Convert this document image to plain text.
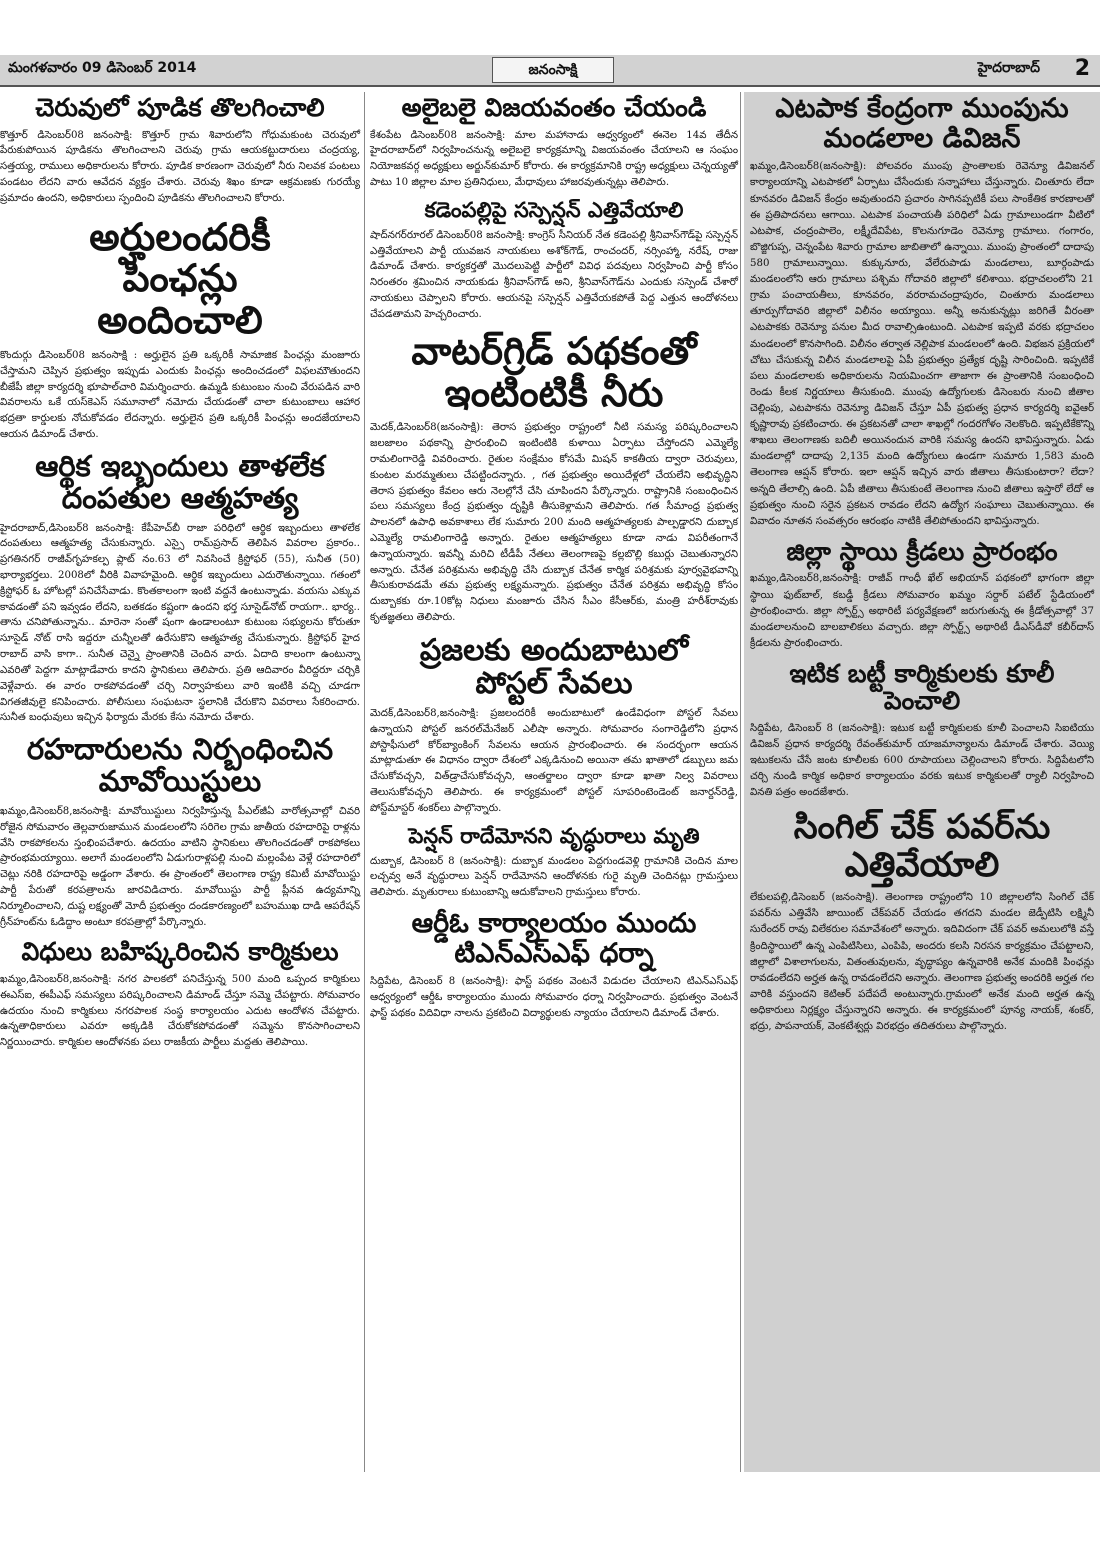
మంగళవారం 09 డిసెంబర్ 2014	జనంసాక్షి	హైదరాబాద్ 2
చెరువులో పూడిక తొలగించాలి
కొత్తూర్ డిసెంబర్08 జనంసాక్షి: కొత్తూర్ గ్రామ శివారులోని గోధుమకుంట చెరువులో పేరుకుపోయిన పూడికను తొలగించాలని చెరువు గ్రామ ఆయకట్టుదారులు చంద్రయ్య, సత్తయ్య, రాములు అధికారులను కోరారు. పూడిక కారణంగా చెరువులో నీరు నిలవక పంటలు పండటం లేదని వారు ఆవేదన వ్యక్తం చేశారు. చెరువు శిఖం కూడా ఆక్రమణకు గురయ్యే ప్రమాదం ఉందని, అధికారులు స్పందించి పూడికను తొలగించాలని కోరారు.
అర్హులందరికీ పింఛన్లు అందించాలి
కొందుర్గు డిసెంబర్08 జనంసాక్షి : అర్హులైన ప్రతి ఒక్కరికీ సామాజిక పింఛన్లు మంజూరు చేస్తామని చెప్పిన ప్రభుత్వం ఇప్పుడు ఎందుకు పింఛన్లు అందించడంలో విఫలమౌతుందని బీజేపీ జిల్లా కార్యదర్శి భూపాల్‌చారి విమర్శించారు. ఉమ్మడి కుటుంబం నుంచి వేరుపడిన వారి వివరాలను ఒకే యస్‌కెఎస్ సమూనాలో నమోదు చేయడంతో చాలా కుటుంబాలు ఆహార భద్రతా కార్డులకు నోచుకోవడం లేదన్నారు. అర్హులైన ప్రతి ఒక్కరికీ పింఛన్లు అందజేయాలని ఆయన డిమాండ్ చేశారు.
ఆర్థిక ఇబ్బందులు తాళలేక దంపతుల ఆత్మహత్య
హైదరాబాద్,డిసెంబర్8 జనంసాక్షి: కేపీహెచ్‌బీ రాజా పరిధిలో ఆర్థిక ఇబ్బందులు తాళలేక దంపతులు ఆత్మహత్య చేసుకున్నారు. ఎస్సై రామ్‌ప్రసాద్ తెలిపిన వివరాల ప్రకారం.. ప్రగతినగర్ రాజీవ్‌గృహకల్ప ప్లాట్ నం.63 లో నివసించే క్రిస్టోఫర్ (55), సునీత (50) భార్యాభర్తలు. 2008లో వీరికి వివాహమైంది. ఆర్థిక ఇబ్బందులు ఎదురౌతున్నాయి. గతంలో క్రిస్టోఫర్ ఓ హోటల్లో పనిచేసేవాడు. కొంతకాలంగా ఇంటి వద్దనే ఉంటున్నాడు. వయసు ఎక్కువ కావడంతో పని ఇవ్వడం లేదని, బతకడం కష్టంగా ఉందని భర్త సూసైడ్‌నోట్ రాయగా.. భార్య.. తాను చనిపోతున్నాను.. మారెనా సంతో షంగా ఉండాలంటూ కుటుంబ సభ్యులను కోరుతూ సూసైడ్ నోట్ రాసి ఇద్దరూ చున్నీలతో ఉరేసుకొని ఆత్మహత్య చేసుకున్నారు. క్రిస్టోఫర్ హైద రాబాద్ వాసి కాగా.. సునీత చెన్నై ప్రాంతానికి చెందిన వారు. ఏదాది కాలంగా ఉంటున్నా ఎవరితో పెద్దగా మాట్లాడేవారు కాదని స్థానికులు తెలిపారు. ప్రతి ఆదివారం వీరిద్దరూ చర్చికి వెళ్లేవారు. ఈ వారం రాకపోవడంతో చర్చి నిర్వాహకులు వారి ఇంటికి వచ్చి చూడగా విగతజీవులై కనిపించారు. పోలీసులు సంఘటనా స్థలానికి చేరుకొని వివరాలు సేకరించారు. సునీత బంధువులు ఇచ్చిన ఫిర్యాదు మేరకు కేసు నమోదు చేశారు.
రహదారులను నిర్బంధించిన మావోయిస్టులు
ఖమ్మం,డిసెంబర్8,జనంసాక్షి: మావోయిస్టులు నిర్వహిస్తున్న పీఎల్‌జీఏ వారోత్సవాల్లో చివరి రోజైన సోమవారం తెల్లవారుజామున మండలంలోని సరిగెల గ్రామ జాతీయ రహదారిపై రాళ్లను వేసి రాకపోకలను స్తంభింపచేశారు. ఉదయం వాటిని స్థానికులు తొలగించడంతో రాకపోకలు ప్రారంభమయ్యాయి. అలాగే మండలంలోని ఏడుగురాళ్లపల్లి నుంచి మల్లంపేట వెళ్లే రహదారిలో చెట్లు నరికి రహదారిపై అడ్డంగా వేశారు. ఈ ప్రాంతంలో తెలంగాణ రాష్ట్ర కమిటీ మావోయిస్టు పార్టీ పేరుతో కరపత్రాలను జారవిడిచారు. మావోయిస్టు పార్టీ ప్లీనవ ఉద్యమాన్ని నిర్మూలించాలని, దుష్ట లక్ష్యంతో మోదీ ప్రభుత్వం దండకారణ్యంలో బహుముఖ దాడి ఆపరేషన్ గ్రీన్‌హంట్‌ను ఓడిద్దాం అంటూ కరపత్రాల్లో పేర్కొన్నారు.
విధులు బహిష్కరించిన కార్మికులు
ఖమ్మం,డిసెంబర్8,జనంసాక్షి: నగర పాలకలో పనిచేస్తున్న 500 మంది ఒప్పంద కార్మికులు ఈఎస్ఐ, ఈపీఎఫ్ సమస్యలు పరిష్కరించాలని డిమాండ్ చేస్తూ సమ్మె చేపట్టారు. సోమవారం ఉదయం నుంచి కార్మికులు నగరపాలక సంస్థ కార్యాలయం ఎదుట ఆందోళన చేపట్టారు. ఉన్నతాధికారులు ఎవరూ అక్కడికి చేరుకోకపోవడంతో సమ్మెను కొనసాగించాలని నిర్ణయించారు. కార్మికుల ఆందోళనకు పలు రాజకీయ పార్టీలు మద్దతు తెలిపాయి.
అలైబలై విజయవంతం చేయండి
కేశంపేట డిసెంబర్08 జనంసాక్షి: మాల మహానాడు ఆధ్వర్యంలో ఈనెల 14వ తేదీన హైదరాబాద్‌లో నిర్వహించనున్న అలైబలై కార్యక్రమాన్ని విజయవంతం చేయాలని ఆ సంఘం నియోజకవర్గ అధ్యక్షులు అర్జున్‌కుమార్ కోరారు. ఈ కార్యక్రమానికి రాష్ట్ర అధ్యక్షులు చెన్నయ్యతో పాటు 10 జిల్లాల మాల ప్రతినిధులు, మేధావులు హాజరవుతున్నట్లు తెలిపారు.
కడెంపల్లిపై సస్పెన్షన్ ఎత్తివేయాలి
షాద్‌నగర్‌రూరల్ డిసెంబర్08 జనంసాక్షి: కాంగ్రెస్ సీనియర్ నేత కడెంపల్లి శ్రీనివాస్‌గౌడ్‌పై సస్పెన్షన్ ఎత్తివేయాలని పార్టీ యువజన నాయకులు అశోక్‌గౌడ్, రాంచందర్, నర్సింహ్మా, నరేష్, రాజు డిమాండ్ చేశారు. కార్యకర్తతో మొదలుపెట్టి పార్టీలో వివిధ పదవులు నిర్వహించి పార్టీ కోసం నిరంతరం శ్రమించిన నాయకుడు శ్రీనివాస్‌గౌడ్ అని, శ్రీనివాస్‌గౌడ్‌ను ఎందుకు సస్పెండ్ చేశారో నాయకులు చెప్పాలని కోరారు. ఆయనపై సస్పెన్షన్ ఎత్తివేయకపోతే పెద్ద ఎత్తున ఆందోళనలు చేపడతామని హెచ్చరించారు.
వాటర్‌గ్రిడ్ పథకంతో ఇంటింటికీ నీరు
మెదక్,డిసెంబర్8(జనంసాక్షి): తెరాస ప్రభుత్వం రాష్ట్రంలో నీటి సమస్య పరిష్కరించాలని జలజాలం పథకాన్ని ప్రారంభించి ఇంటింటికి కుళాయి ఏర్పాటు చేస్తోందని ఎమ్మెల్యే రామలింగారెడ్డి వివరించారు. రైతుల సంక్షేమం కోసమే మిషన్ కాకతీయ ద్వారా చెరువులు, కుంటల మరమ్మతులు చేపట్టిందన్నారు. , గత ప్రభుత్వం అయిదేళ్లలో చేయలేని అభివృద్ధిని తెరాస ప్రభుత్వం కేవలం ఆరు నెలల్లోనే చేసి చూపిందని పేర్కొన్నారు. రాష్ట్రానికి సంబంధించిన పలు సమస్యలు కేంద్ర ప్రభుత్వం దృష్టికి తీసుకెళ్లామని తెలిపారు. గత సీమాంధ్ర ప్రభుత్వ పాలనలో ఉపాధి అవకాశాలు లేక సుమారు 200 మంది ఆత్మహత్యలకు పాల్పడ్డారని దుబ్బాక ఎమ్మెల్యే రామలింగారెడ్డి అన్నారు. రైతుల ఆత్మహత్యలు కూడా నాడు విపరీతంగానే ఉన్నాయన్నారు. ఇవన్నీ మరిచి టీడీపీ నేతలు తెలంగాణపై కల్లబొల్లి కబుర్లు చెబుతున్నారని అన్నారు. చేనేత పరిశ్రమను అభివృద్ధి చేసి దుబ్బాక చేనేత కార్మిక పరిశ్రమకు పూర్వవైభవాన్ని తీసుకురావడమే తమ ప్రభుత్వ లక్ష్యమన్నారు. ప్రభుత్వం చేనేత పరిశ్రమ అభివృద్ధి కోసం దుబ్బాకకు రూ.10కోట్ల నిధులు మంజూరు చేసిన సీఎం కేసీఆర్‌కు, మంత్రి హరీశ్‌రావుకు కృతజ్ఞతలు తెలిపారు.
ప్రజలకు అందుబాటులో పోస్టల్ సేవలు
మెదక్,డిసెంబర్8,జనంసాక్షి: ప్రజలందరికీ అందుబాటులో ఉండేవిధంగా పోస్టల్ సేవలు ఉన్నాయని పోస్టల్ జనరల్‌మేనేజర్ ఎలీషా అన్నారు. సోమవారం సంగారెడ్డిలోని ప్రధాన పోస్టాఫీసులో కోర్‌బ్యాంకింగ్ సేవలను ఆయన ప్రారంభించారు. ఈ సందర్భంగా ఆయన మాట్లాడుతూ ఈ విధానం ద్వారా దేశంలో ఎక్కడినుంచి అయినా తమ ఖాతాలో డబ్బులు జమ చేసుకోవచ్చని, విత్‌డ్రాచేసుకోవచ్చని, ఆంతర్జాలం ద్వారా కూడా ఖాతా నిల్వ వివరాలు తెలుసుకోవచ్చని తెలిపారు. ఈ కార్యక్రమంలో పోస్టల్ సూపరింటెండెంట్ జనార్దన్‌రెడ్డి, పోస్ట్‌మాస్టర్ శంకర్‌లు పాల్గొన్నారు.
పెన్షన్ రాదేమోనని వృద్ధురాలు మృతి
దుబ్బాక, డిసెంబర్ 8 (జనంసాక్షి): దుబ్బాక మండలం పెద్దగుండవెళ్లి గ్రామానికి చెందిన మాల లచ్చవ్వ అనే వృద్ధురాలు పెన్షన్ రాదేమోనని ఆందోళనకు గురై మృతి చెందినట్లు గ్రామస్తులు తెలిపారు. మృతురాలు కుటుంబాన్ని ఆదుకోవాలని గ్రామస్తులు కోరారు.
ఆర్డీఓ కార్యాలయం ముందు టిఎన్ఎస్ఎఫ్ ధర్నా
సిద్దిపేట, డిసెంబర్ 8 (జనంసాక్షి): ఫాస్ట్ పథకం వెంటనే విడుదల చేయాలని టిఎన్ఎస్ఎఫ్ ఆధ్వర్యంలో ఆర్డీఓ కార్యాలయం ముందు సోమవారం ధర్నా నిర్వహించారు. ప్రభుత్వం వెంటనే ఫాస్ట్ పథకం విదివిధా నాలను ప్రకటించి విద్యార్థులకు న్యాయం చేయాలని డిమాండ్ చేశారు.
ఎటపాక కేంద్రంగా ముంపును మండలాల డివిజన్
ఖమ్మం,డిసెంబర్8(జనంసాక్షి): పోలవరం ముంపు ప్రాంతాలకు రెవెన్యూ డివిజనల్ కార్యాలయాన్ని ఎటపాకలో ఏర్పాటు చేసేందుకు సన్నాహాలు చేస్తున్నారు. చింతూరు లేదా కూనవరం డివిజన్ కేంద్రం అవుతుందని ప్రచారం సాగినప్పటికీ పలు సాంకేతిక కారణాలతో ఈ ప్రతిపాదనలు ఆగాయి. ఎటపాక పంచాయతీ పరిధిలో ఏడు గ్రామాలుండగా వీటిలో ఎటపాక, చంద్రంపాలెం, లక్ష్మీదేవిపేట, కొలనుగూడెం రెవెన్యూ గ్రామాలు. గంగారం, బొజ్జిగుప్ప, చెన్నంపేట శివారు గ్రామాల జాబితాలో ఉన్నాయి. ముంపు ప్రాంతంలో దాదాపు 580 గ్రామాలున్నాయి. కుక్కునూరు, వేలేరుపాడు మండలాలు, బూర్గంపాడు మండలంలోని ఆరు గ్రామాలు పశ్చిమ గోదావరి జిల్లాలో కలిశాయి. భద్రాచలంలోని 21 గ్రామ పంచాయతీలు, కూనవరం, వరరామచంద్రాపురం, చింతూరు మండలాలు తూర్పుగోదావరి జిల్లాలో విలీనం అయ్యాయి. అన్నీ అనుకున్నట్లు జరిగితే వీరంతా ఎటపాకకు రెవెన్యూ పనుల మీద రావాల్సిఉంటుంది. ఎటపాక ఇప్పటి వరకు భద్రాచలం మండలంలో కొనసాగింది. విలీనం తర్వాత నెల్లిపాక మండలంలో ఉంది. విభజన ప్రక్రియలో చోటు చేసుకున్న విలీన మండలాలపై ఏపీ ప్రభుత్వం ప్రత్యేక దృష్టి సారించింది. ఇప్పటికే పలు మండలాలకు అధికారులను నియమించగా తాజాగా ఈ ప్రాంతానికి సంబంధించి రెండు కీలక నిర్ణయాలు తీసుకుంది. ముంపు ఉద్యోగులకు డిసెంబరు నుంచి జీతాల చెల్లింపు, ఎటపాకను రెవెన్యూ డివిజన్ చేస్తూ ఏపీ ప్రభుత్వ ప్రధాన కార్యదర్శి ఐవైఆర్ కృష్ణారావు ప్రకటించారు. ఈ ప్రకటనతో చాలా శాఖల్లో గందరగోళం నెలకొంది. ఇప్పటికేకొన్ని శాఖలు తెలంగాణకు బదిలీ అయినందున వారికి సమస్య ఉందని భావిస్తున్నారు. ఏడు మండలాల్లో దాదాపు 2,135 మంది ఉద్యోగులు ఉండగా సుమారు 1,583 మంది తెలంగాణ ఆప్షన్ కోరారు. ఇలా ఆప్షన్ ఇచ్చిన వారు జీతాలు తీసుకుంటారా? లేదా? అన్నది తేలాల్సి ఉంది. ఏపీ జీతాలు తీసుకుంటే తెలంగాణ నుంచి జీతాలు ఇస్తారో లేదో ఆ ప్రభుత్వం నుంచి సరైన ప్రకటన రావడం లేదని ఉద్యోగ సంఘాలు చెబుతున్నాయి. ఈ వివాదం నూతన సంవత్సరం ఆరంభం నాటికి తేలిపోతుందని భావిస్తున్నారు.
జిల్లా స్థాయి క్రీడలు ప్రారంభం
ఖమ్మం,డిసెంబర్8,జనంసాక్షి: రాజీవ్ గాంధీ ఖేల్ అభియాన్ పథకంలో భాగంగా జిల్లా స్థాయి ఫుట్‌బాల్, కబడ్డీ క్రీడలు సోమవారం ఖమ్మం సర్దార్ పటేల్ స్టేడియంలో ప్రారంభించారు. జిల్లా స్పోర్ట్స్ అథారిటీ పర్యవేక్షణలో జరుగుతున్న ఈ క్రీడోత్సవాల్లో 37 మండలాలనుంచి బాలబాలికలు వచ్చారు. జిల్లా స్పోర్ట్స్ అథారిటీ డీఎస్‌డీవో కబీర్‌దాస్ క్రీడలను ప్రారంభించారు.
ఇటిక బట్టీ కార్మికులకు కూలీ పెంచాలి
సిద్దిపేట, డిసెంబర్ 8 (జనంసాక్షి): ఇటుక బట్టీ కార్మికులకు కూలీ పెంచాలని సిఐటియు డివిజన్ ప్రధాన కార్యదర్శి రేవంత్‌కుమార్ యాజమాన్యాలను డిమాండ్ చేశారు. వెయ్యి ఇటుకలను చేసే జంట కూలీలకు 600 రూపాయలు చెల్లించాలని కోరారు. సిద్దిపేటలోని చర్చి నుండి కార్మిక అధికార కార్యాలయం వరకు ఇటుక కార్మికులతో ర్యాలీ నిర్వహించి వినతి పత్రం అందజేశారు.
సింగిల్ చేక్ పవర్‌ను ఎత్తివేయాలి
లేకులపల్లి,డిసెంబర్ (జనంసాక్షి). తెలంగాణ రాష్ట్రంలోని 10 జిల్లాలలోని సింగిల్ చేక్ పవర్‌ను ఎత్తివేసి జాయింట్ చేక్‌పవర్ చేయడం తగదని మండల జెడ్పీటిసి లక్ష్మినీ సురేందర్ రావు విలేకరుల సమావేశంలో అన్నారు. ఇదివిదంగా చేక్ పవర్ అమలులోకి వస్తే క్రిందిస్థాయిలో ఉన్న ఎంపిటిసిలు, ఎంపిపి, అందరు కలసి నిరసన కార్యక్రమం చేపట్టాలని, జిల్లాలో విశాలాగులను, వితంతువులను, వృద్ధాప్యం ఉన్నవారికి అనేక మందికి పింఛన్లు రావడంలేదని అర్హత ఉన్న రావడంలేదని అన్నారు. తెలంగాణ ప్రభుత్వ అందరికి అర్హత గల వారికి వస్తుందని కెటిఆర్ పదేపదే అంటున్నారు.గ్రామంలో అనేక మంది అర్హత ఉన్న అధికారులు నిర్లక్ష్యం చేస్తున్నారని అన్నారు. ఈ కార్యక్రమంలో పూన్య నాయక్, శంకర్, భద్రు, పాపనాయక్, వెంకటేశ్వర్లు విరభద్రం తదితరులు పాల్గొన్నారు.
